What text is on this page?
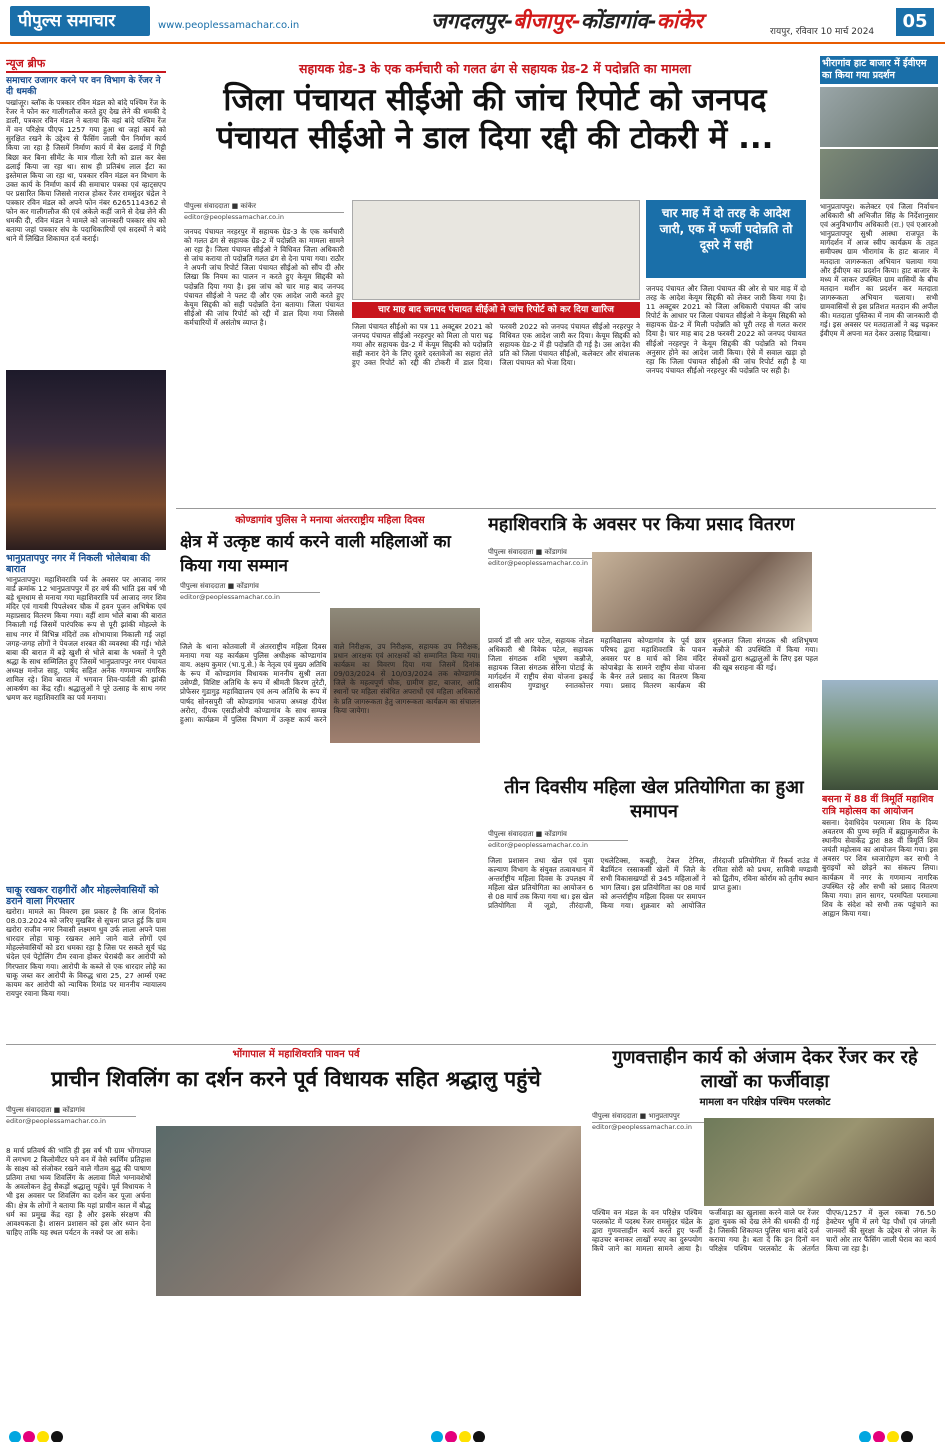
पीपुल्स समाचार	www.peoplessamachar.co.in	जगदलपुर-बीजापुर-कोंडागांव-कांकेर	रायपुर, रविवार 10 मार्च 2024	05
न्यूज ब्रीफ
समाचार उजागर करने पर वन विभाग के रेंजर ने दी धमकी
पखांजूर। ब्लॉक के पत्रकार रविन मंडल को बांदे पश्चिम रेंज के रेंजर ने फोन कर गालीगलौज करते हुए देख लेने की धमकी दे डाली, पत्रकार रविन मंडल ने बताया कि वहां बांदे पश्चिम रेंज में वन परिक्षेत्र पीएफ 1257 गया हुआ था जहां कार्य को सुरक्षित रखने के उद्देश्य से फैंसिंग जाली चैन निर्माण कार्य किया जा रहा है जिसमें निर्माण कार्य में बेस ढलाई में गिट्टी बिछा कर बिना सीमेंट के मात्र गीला रेती को डाल कर बेस ढलाई किया जा रहा था। साथ ही प्रतिबंध लाल ईंटा का इस्तेमाल किया जा रहा था, पत्रकार रविन मंडल वन विभाग के उक्त कार्य के निर्माण कार्य की समाचार पत्रका एवं व्हाट्सएप पर प्रसारित किया जिससे नाराज होकर रेंजर रामसुंदर चंद्रेल ने पत्रकार रविन मंडल को अपने फोन नंबर 6265114362 से फोन कर गालीगलौज की एवं अकेले कहीं जाने से देख लेने की धमकी दी, रविन मंडल ने मामले को जानकारी पत्रकार संघ को बताया जहां पत्रकार संघ के पदाधिकारियों एवं सदस्यों ने बांदे थाने में लिखित शिकायत दर्ज कराई।
भानुप्रतापपुर नगर में निकली भोलेबाबा की बारात
भानुप्रतापपुर। महाशिवरात्रि पर्व के अवसर पर आजाद नगर वार्ड क्रमांक 12 भानुप्रतापपुर में हर वर्ष की भांति इस वर्ष भी बड़े धूमधाम से मनाया गया महाशिवरात्रि पर्व आजाद नगर शिव मंदिर एवं गायत्री पिपलेश्वर चौक में हवन पूजन अभिषेक एवं महाप्रसाद वितरण किया गया। वहीं शाम भोले बाबा की बारात निकाली गई जिसमें पारंपरिक रूप से पूरी झांकी मोहल्ले के साथ नगर में विभिन्न मंदिरों तक शोभायात्रा निकाली गई जहां जगह-जगह लोगों ने पेयजल शरबत की व्यवस्था की गई। भोले बाबा की बारात में बड़े खुशी से भोले बाबा के भक्तों ने पूरी श्रद्धा के साथ सम्मिलित हुए जिसमें भानुप्रतापपुर नगर पंचायत अध्यक्ष मनोज साहू, पार्षद सहित अनेक गणमान्य नागरिक शामिल रहे। शिव बारात में भगवान शिव-पार्वती की झांकी आकर्षण का केंद्र रही। श्रद्धालुओं ने पूरे उत्साह के साथ नगर भ्रमण कर महाशिवरात्रि का पर्व मनाया।
चाकू रखकर राहगीरों और मोहल्लेवासियों को डराने वाला गिरफ्तार
खरोरा। मामले का विवरण इस प्रकार है कि आज दिनांक 08.03.2024 को जरिए मुखबिर से सूचना प्राप्त हुई कि ग्राम खरोरा राजीव नगर निवासी लक्ष्मण धुव उर्फ लाला अपने पास धारदार लोहा चाकू रखकर आने जाने वाले लोगों एवं मोहल्लेवासियों को डरा धमका रहा है जिस पर सकते सूर्य चंद्र चंदेल एवं पेट्रोलिंग टीम रवाना होकर घेराबंदी कर आरोपी को गिरफ्तार किया गया। आरोपी के कब्जे से एक धारदार लोहे का चाकू जब्त कर आरोपी के विरुद्ध धारा 25, 27 आर्म्स एक्ट कायम कर आरोपी को न्यायिक रिमांड पर माननीय न्यायालय रायपुर रवाना किया गया।
सहायक ग्रेड-3 के एक कर्मचारी को गलत ढंग से सहायक ग्रेड-2 में पदोन्नति का मामला
जिला पंचायत सीईओ की जांच रिपोर्ट को जनपद पंचायत सीईओ ने डाल दिया रद्दी की टोकरी में ...
पीपुल्स संवाददाता ■ कांकेर
editor@peoplessamachar.co.in
जनपद पंचायत नरहरपुर में सहायक ग्रेड-3 के एक कर्मचारी को गलत ढंग से सहायक ग्रेड-2 में पदोन्नति का मामला सामने आ रहा है। जिला पंचायत सीईओ ने विधिवत जिला अधिकारी से जांच कराया तो पदोन्नति गलत ढंग से देना पाया गया। राठौर ने अपनी जांच रिपोर्ट जिला पंचायत सीईओ को सौंप दी और लिखा कि नियम का पालन न करते हुए केयूम सिद्दकी को पदोन्नति दिया गया है। इस जांच को चार माह बाद जनपद पंचायत सीईओ ने पलट दी और एक आदेश जारी करते हुए केयूम सिद्दकी को सही पदोन्नति देना बताया। जिला पंचायत सीईओ की जांच रिपोर्ट को रद्दी में डाल दिया गया जिससे कर्मचारियों में असंतोष व्याप्त है।
चार माह बाद जनपद पंचायत सीईओ ने जांच रिपोर्ट को कर दिया खारिज
जिला पंचायत सीईओ का पत्र 11 अक्टूबर 2021 को जनपद पंचायत सीईओ नरहरपुर को मिला तो पारा चढ़ गया और सहायक ग्रेड-2 में केयूम सिद्दकी को पदोन्नति सही करार देने के लिए दूसरे दस्तावेजों का सहारा लेते हुए उक्त रिपोर्ट को रद्दी की टोकरी में डाल दिया। फरवरी 2022 को जनपद पंचायत सीईओ नरहरपुर ने विधिवत एक आदेश जारी कर दिया। केयूम सिद्दकी को सहायक ग्रेड-2 में ही पदोन्नति दी गई है। उस आदेश की प्रति को जिला पंचायत सीईओ, कलेक्टर और संचालक जिला पंचायत को भेजा दिया।
चार माह में दो तरह के आदेश जारी, एक में फर्जी पदोन्नति तो दूसरे में सही
जनपद पंचायत और जिला पंचायत की ओर से चार माह में दो तरह के आदेश केयूम सिद्दकी को लेकर जारी किया गया है। 11 अक्टूबर 2021 को जिला अधिकारी पंचायत की जांच रिपोर्ट के आधार पर जिला पंचायत सीईओ ने केयूम सिद्दकी को सहायक ग्रेड-2 में मिली पदोन्नति को पूरी तरह से गलत करार दिया है। चार माह बाद 28 फरवरी 2022 को जनपद पंचायत सीईओ नरहरपुर ने केयूम सिद्दकी की पदोन्नति को नियम अनुसार होने का आदेश जारी किया। ऐसे में सवाल खड़ा हो रहा कि जिला पंचायत सीईओ की जांच रिपोर्ट सही है या जनपद पंचायत सीईओ नरहरपुर की पदोन्नति पर सही है।
भीरागांव हाट बाजार में ईवीएम का किया गया प्रदर्शन
भानुप्रतापपुर। कलेक्टर एवं जिला निर्वाचन अधिकारी श्री अभिजीत सिंह के निर्देशानुसार एवं अनुविभागीय अधिकारी (रा.) एवं एआरओ भानुप्रतापपुर सुश्री आस्था राजपूत के मार्गदर्शन में आज स्वीप कार्यक्रम के तहत समीपस्थ ग्राम भीरागांव के हाट बाजार में मतदाता जागरूकता अभियान चलाया गया और ईवीएम का प्रदर्शन किया। हाट बाजार के मध्य में जाकर उपस्थित ग्राम वासियों के बीच मतदान मशीन का प्रदर्शन कर मतदाता जागरूकता अभियान चलाया। सभी ग्रामवासियों से इस प्रतिशत मतदान की अपील की। मतदाता पुस्तिका में नाम की जानकारी दी गई। इस अवसर पर मतदाताओं ने बढ़ चढ़कर ईवीएम में अपना मत देकर उत्साह दिखाया।
कोण्डागांव पुलिस ने मनाया अंतरराष्ट्रीय महिला दिवस
क्षेत्र में उत्कृष्ट कार्य करने वाली महिलाओं का किया गया सम्मान
पीपुल्स संवाददाता ■ कोंडागांव
editor@peoplessamachar.co.in
जिले के थाना कोतवाली में अंतरराष्ट्रीय महिला दिवस मनाया गया यह कार्यक्रम पुलिस अधीक्षक कोण्डागांव वाय. अक्षय कुमार (भा.पु.से.) के नेतृत्व एवं मुख्य अतिथि के रूप में कोण्डागांव विधायक माननीय सुश्री लता उसेण्डी, विशिष्ट अतिथि के रूप में श्रीमती किरण तुरेटी, प्रोफेसर गुडागुड़ महाविद्यालय एवं अन्य अतिथि के रूप में पार्षद सोनसपुरी जी कोण्डागांव भाजपा अध्यक्ष दीपेश अरोरा, दीपक एसडीओपी कोण्डागांव के साथ सम्पन्न हुआ। कार्यक्रम में पुलिस विभाग में उत्कृष्ट कार्य करने वाले निरीक्षक, उप निरीक्षक, सहायक उप निरीक्षक, प्रधान आरक्षक एवं आरक्षकों को सम्मानित किया गया। कार्यक्रम का विवरण दिया गया जिसमें दिनांक 09/03/2024 से 10/03/2024 तक कोण्डागांव जिले के महत्वपूर्ण चौक, ग्रामीण हाट, बाजार, आदि स्थानों पर महिला संबंधित अपराधों एवं महिला अधिकारों के प्रति जागरूकता हेतु जागरूकता कार्यक्रम का संचालन किया जायेगा।
महाशिवरात्रि के अवसर पर किया प्रसाद वितरण
पीपुल्स संवाददाता ■ कोंडागांव
editor@peoplessamachar.co.in
प्रावर्य डॉ सी आर पटेल, सहायक नोडल अधिकारी श्री विवेक पटेल, सहायक जिला संगठक शशि भूषण कन्नौजे, सहायक जिला संगठक सेरिना पोटाई के मार्गदर्शन में राष्ट्रीय सेवा योजना इकाई शासकीय गुण्डाधुर स्नातकोत्तर महाविद्यालय कोण्डागांव के पूर्व छात्र परिषद द्वारा महाशिवरात्रि के पावन अवसर पर 8 मार्च को शिव मंदिर कोपाबेड़ा के सामने राष्ट्रीय सेवा योजना के बैनर तले प्रसाद का वितरण किया गया। प्रसाद वितरण कार्यक्रम की शुरुआत जिला संगठक श्री शशिभूषण कन्नौजे की उपस्थिति में किया गया। सेवकों द्वारा श्रद्धालुओं के लिए इस पहल की खूब सराहना की गई।
तीन दिवसीय महिला खेल प्रतियोगिता का हुआ समापन
पीपुल्स संवाददाता ■ कोंडागांव
editor@peoplessamachar.co.in
जिला प्रशासन तथा खेल एवं युवा कल्याण विभाग के संयुक्त तत्वावधान में अन्तर्राष्ट्रीय महिला दिवस के उपलक्ष्य में महिला खेल प्रतियोगिता का आयोजन 6 से 08 मार्च तक किया गया था। इस खेल प्रतियोगिता में जूडो, तीरंदाजी, एथलेटिक्स, कबड्डी, टेबल टेनिस, बैडमिंटन रस्साकसी खेलों में जिले के सभी विकासखण्डों से 345 महिलाओं ने भाग लिया। इस प्रतियोगिता का 08 मार्च को अन्तर्राष्ट्रीय महिला दिवस पर समापन किया गया। शुक्रवार को आयोजित तीरंदाजी प्रतियोगिता में रिकर्व राउंड में रमिता सोरी को प्रथम, सावित्री मण्डावी को द्वितीय, रविना कोर्राम को तृतीय स्थान प्राप्त हुआ।
बसना में 88 वीं त्रिमूर्ति महाशिव रात्रि महोत्सव का आयोजन
बसना। देवाधिदेव परमात्मा शिव के दिव्य अवतरण की पुण्य स्मृति में ब्रह्माकुमारीज के स्थानीय सेवाकेंद्र द्वारा 88 वीं त्रिमूर्ति शिव जयंती महोत्सव का आयोजन किया गया। इस अवसर पर शिव ध्वजारोहण कर सभी ने बुराइयों को छोड़ने का संकल्प लिया। कार्यक्रम में नगर के गणमान्य नागरिक उपस्थित रहे और सभी को प्रसाद वितरण किया गया। ज्ञान सागर, परमपिता परमात्मा शिव के संदेश को सभी तक पहुंचाने का आह्वान किया गया।
भोंगापाल में महाशिवरात्रि पावन पर्व
प्राचीन शिवलिंग का दर्शन करने पूर्व विधायक सहित श्रद्धालु पहुंचे
पीपुल्स संवाददाता ■ कोंडागांव
editor@peoplessamachar.co.in
8 मार्च प्रतिवर्ष की भांति ही इस वर्ष भी ग्राम भोंगापाल में लगभग 2 किलोमीटर घने वन में वेसे स्वर्णिम प्रतिहास के साक्ष्य को संजोकर रखने वाले गौतम बुद्ध की पाषाण प्रतिमा तथा भव्य शिवलिंग के अलावा मिले भग्नावशेषों के अवलोकन हेतु सैकड़ों श्रद्धालु पहुंचे। पूर्व विधायक ने भी इस अवसर पर शिवलिंग का दर्शन कर पूजा अर्चना की। क्षेत्र के लोगों ने बताया कि यहां प्राचीन काल में बौद्ध धर्म का प्रमुख केंद्र रहा है और इसके संरक्षण की आवश्यकता है। शासन प्रशासन को इस ओर ध्यान देना चाहिए ताकि यह स्थल पर्यटन के नक्शे पर आ सके।
गुणवत्ताहीन कार्य को अंजाम देकर रेंजर कर रहे लाखों का फर्जीवाड़ा
मामला वन परिक्षेत्र पश्चिम परलकोट
पीपुल्स संवाददाता ■ भानुप्रतापपुर
editor@peoplessamachar.co.in
पश्चिम वन मंडल के वन परिक्षेत्र पश्चिम परलकोट में पदस्थ रेंजर रामसुंदर चंद्रेल के द्वारा गुणवत्ताहीन कार्य करते हुए फर्जी व्हाउचर बनाकर लाखों रुपए का दुरुपयोग किये जाने का मामला सामने आया है। फर्जीवाड़ा का खुलासा करने वाले पर रेंजर द्वारा युवक को देख लेने की धमकी दी गई है। जिसकी शिकायत पुलिस थाना बांदे दर्ज कराया गया है। बता दें कि इन दिनों वन परिक्षेत्र पश्चिम परलकोट के अंतर्गत पीएफ/1257 में कुल रकबा 76.50 हेक्टेयर भूमि में लगे पेड़ पौधों एवं जंगली जानवरों की सुरक्षा के उद्देश्य से जंगल के चारों ओर तार फैंसिंग जाली घेराव का कार्य किया जा रहा है।
